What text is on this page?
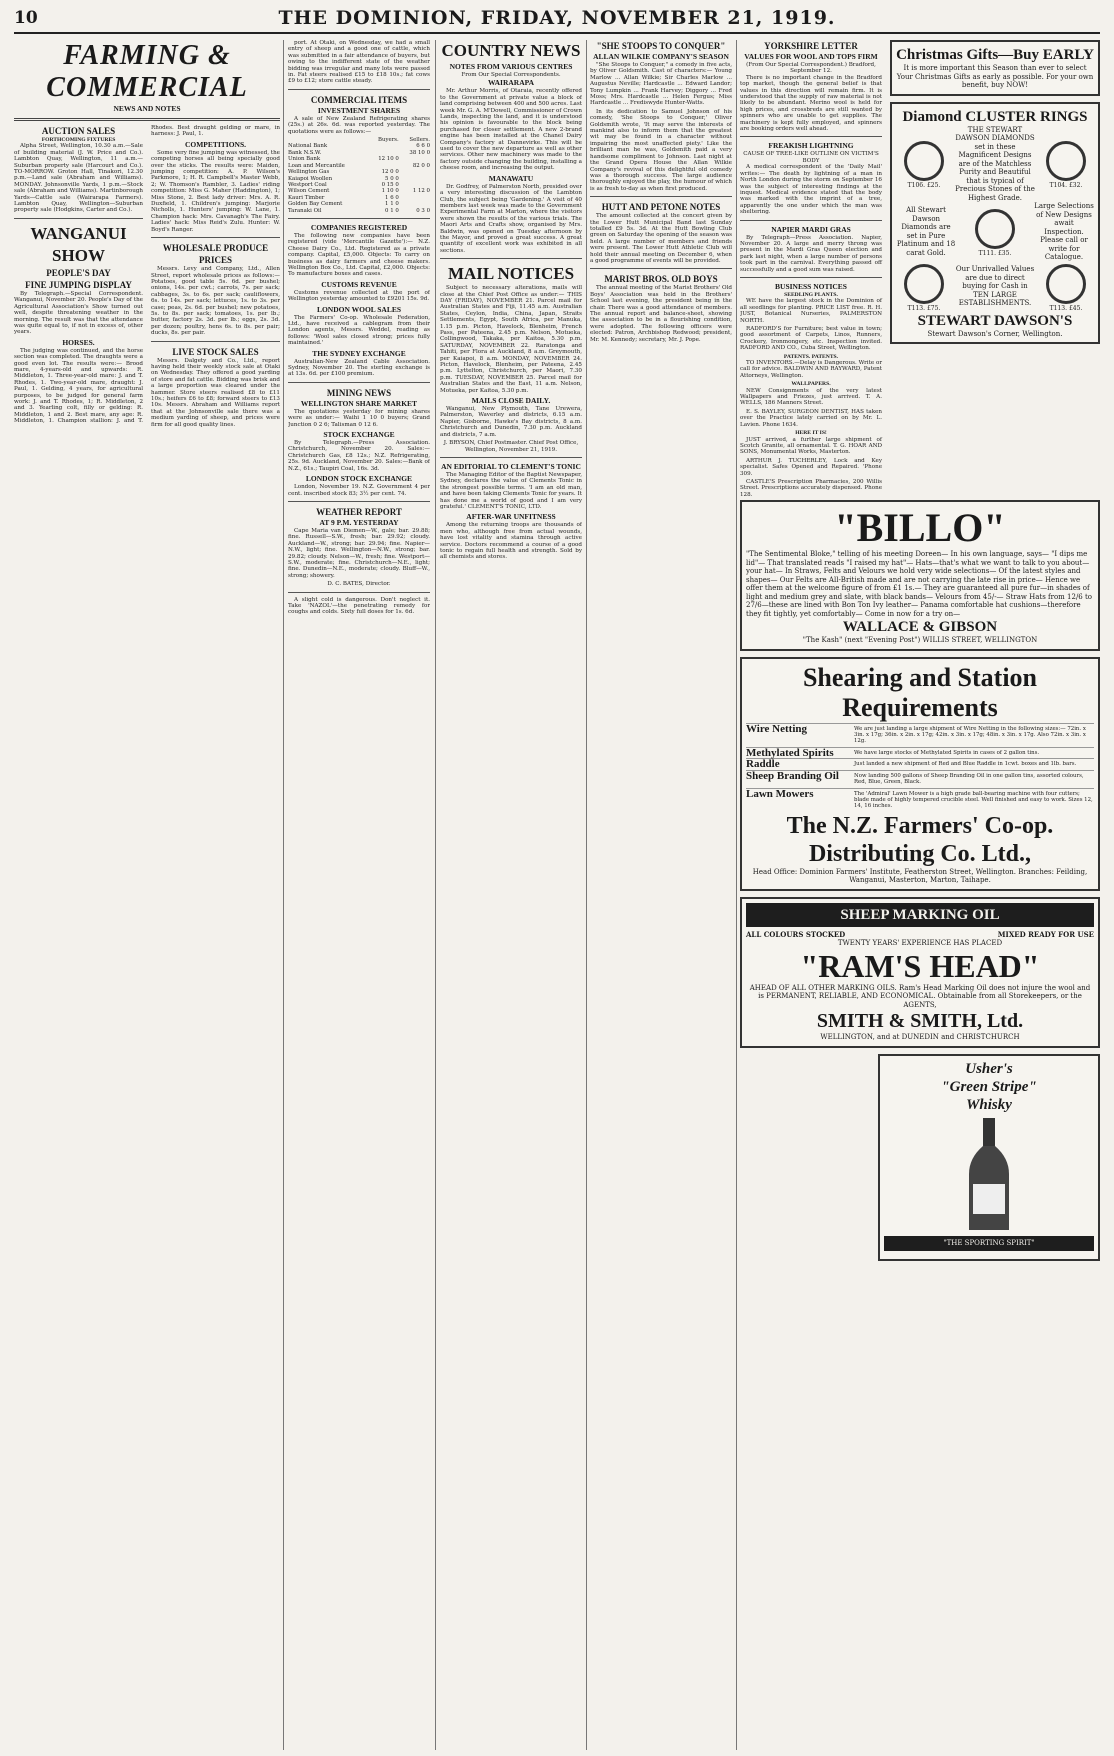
10	THE DOMINION, FRIDAY, NOVEMBER 21, 1919.
FARMING & COMMERCIAL
NEWS AND NOTES
AUCTION SALES
FORTHCOMING FIXTURES

Alpha Street, Wellington, 10.30 a.m.—Sale of building material (J. W. Price and Co.). Lambton Quay, Wellington, 11 a.m.—Suburban property sale (Harcourt and Co.). TO-MORROW. Groton Hall, Tinakori, 12.30 p.m.—Land sale (Abraham and Williams). MONDAY. Johnsonville Yards, 1 p.m.—Stock sale (Abraham and Williams). Martinborough Yards—Cattle sale (Wairarapa Farmers). Lambton Quay, Wellington—Suburban property sale (Hodgkins, Carter and Co.).

WANGANUI SHOW
PEOPLE'S DAY
FINE JUMPING DISPLAY

By Telegraph.—Special Correspondent. Wanganui, November 20. People's Day of the Agricultural Association's Show turned out well, despite threatening weather in the morning. The result was that the attendance was quite equal to, if not in excess of, other years.

HORSES.

The judging was continued, and the horse section was completed. The draughts were a good even lot. The results were:— Brood mare, 4-years-old and upwards: R. Middleton, 1. Three-year-old mare: J. and T. Rhodes, 1. Two-year-old mare, draught: J. Paul, 1. Gelding, 4 years, for agricultural purposes, to be judged for general farm work: J. and T. Rhodes, 1; R. Middleton, 2 and 3. Yearling colt, filly or gelding: R. Middleton, 1 and 2. Best mare, any age: R. Middleton, 1. Champion stallion: J. and T. Rhodes. Best draught gelding or mare, in harness: J. Paul, 1.

COMPETITIONS.

Some very fine jumping was witnessed, the competing horses all being specially good over the sticks. The results were: Maiden, jumping competition: A. P. Wilson's Parkmore, 1; H. R. Campbell's Master Webb, 2; W. Thomson's Rambler, 3. Ladies' riding competition: Miss G. Maher (Haddington), 1; Miss Stone, 2. Best lady driver: Mrs. A. R. Duxfield, 1. Children's jumping: Marjorie Nicholls, 1. Hunters' jumping: W. Lane, 1. Champion hack: Mrs. Cavanagh's The Fairy. Ladies' hack: Miss Reid's Zulu. Hunter: W. Boyd's Ranger.

WHOLESALE PRODUCE PRICES

Messrs. Levy and Company, Ltd., Allen Street, report wholesale prices as follows:— Potatoes, good table 5s. 6d. per bushel; onions, 14s. per cwt.; carrots, 7s. per sack; cabbages, 3s. to 6s. per sack; cauliflowers, 6s. to 14s. per sack; lettuces, 1s. to 3s. per case; peas, 2s. 6d. per bushel; new potatoes, 5s. to 8s. per sack; tomatoes, 1s. per lb.; butter, factory 2s. 3d. per lb.; eggs, 2s. 3d. per dozen; poultry, hens 6s. to 8s. per pair; ducks, 8s. per pair.

LIVE STOCK SALES

Messrs. Dalgety and Co., Ltd., report having held their weekly stock sale at Otaki on Wednesday. They offered a good yarding of store and fat cattle. Bidding was brisk and a large proportion was cleared under the hammer. Store steers realised £8 to £11 10s.; heifers £6 to £8; forward steers to £13 10s. Messrs. Abraham and Williams report that at the Johnsonville sale there was a medium yarding of sheep, and prices were firm for all good quality lines.

port. At Otaki, on Wednesday, we had a small entry of sheep and a good one of cattle, which was submitted in a fair attendance of buyers, but owing to the indifferent state of the weather bidding was irregular and many lots were passed in. Fat steers realised £15 to £18 10s.; fat cows £9 to £12; store cattle steady.

COMMERCIAL ITEMS
INVESTMENT SHARES

A sale of New Zealand Refrigerating shares (25s.) at 26s. 6d. was reported yesterday. The quotations were as follows:—

	Buyers.	Sellers.
National Bank		6 6 0
Bank N.S.W.		38 10 0
Union Bank	12 10 0	
Loan and Mercantile		82 0 0
Wellington Gas	12 0 0	
Kaiapoi Woollen	5 0 0	
Westport Coal	0 15 0	
Wilson Cement	1 10 0	1 12 0
Kauri Timber	1 6 0	
Golden Bay Cement	1 1 0	
Taranaki Oil	0 1 0	0 3 0
COMPANIES REGISTERED

The following new companies have been registered (vide 'Mercantile Gazette'):— N.Z. Cheese Dairy Co., Ltd. Registered as a private company. Capital, £5,000. Objects: To carry on business as dairy farmers and cheese makers. Wellington Box Co., Ltd. Capital, £2,000. Objects: To manufacture boxes and cases.

CUSTOMS REVENUE

Customs revenue collected at the port of Wellington yesterday amounted to £9201 15s. 9d.

LONDON WOOL SALES

The Farmers' Co-op. Wholesale Federation, Ltd., have received a cablegram from their London agents, Messrs. Weddel, reading as follows: 'Wool sales closed strong; prices fully maintained.'

THE SYDNEY EXCHANGE

Australian-New Zealand Cable Association. Sydney, November 20. The sterling exchange is at 13s. 6d. per £100 premium.

MINING NEWS
WELLINGTON SHARE MARKET

The quotations yesterday for mining shares were as under:— Waihi 1 10 0 buyers; Grand Junction 0 2 6; Talisman 0 12 6.

STOCK EXCHANGE

By Telegraph.—Press Association. Christchurch, November 20. Sales:—Christchurch Gas, £8 12s.; N.Z. Refrigerating, 25s. 9d. Auckland, November 20. Sales:—Bank of N.Z., 61s.; Taupiri Coal, 16s. 3d.

LONDON STOCK EXCHANGE

London, November 19. N.Z. Government 4 per cent. inscribed stock 83; 3½ per cent. 74.

WEATHER REPORT
AT 9 P.M. YESTERDAY

Cape Maria van Diemen—W., gale; bar. 29.88; fine. Russell—S.W., fresh; bar. 29.92; cloudy. Auckland—W., strong; bar. 29.94; fine. Napier—N.W., light; fine. Wellington—N.W., strong; bar. 29.82; cloudy. Nelson—W., fresh; fine. Westport—S.W., moderate; fine. Christchurch—N.E., light; fine. Dunedin—N.E., moderate; cloudy. Bluff—W., strong; showery.

D. C. BATES, Director.

A slight cold is dangerous. Don't neglect it. Take 'NAZOL'—the penetrating remedy for coughs and colds. Sixty full doses for 1s. 6d.

COUNTRY NEWS
NOTES FROM VARIOUS CENTRES
From Our Special Correspondents.
WAIRARAPA

Mr. Arthur Morris, of Otaraia, recently offered to the Government at private value a block of land comprising between 400 and 500 acres. Last week Mr. G. A. M'Dowell, Commissioner of Crown Lands, inspecting the land, and it is understood his opinion is favourable to the block being purchased for closer settlement. A new 2-brand engine has been installed at the Chanel Dairy Company's factory at Dannevirke. This will be used to cover the new departure as well as other services. Other new machinery was made to the factory outside changing the building, installing a cheese room, and increasing the output.

MANAWATU

Dr. Godfrey, of Palmerston North, presided over a very interesting discussion of the Lambton Club, the subject being 'Gardening.' A visit of 40 members last week was made to the Government Experimental Farm at Marton, where the visitors were shown the results of the various trials. The Maori Arts and Crafts show, organised by Mrs. Baldwin, was opened on Tuesday afternoon by the Mayor, and proved a great success. A great quantity of excellent work was exhibited in all sections.

MAIL NOTICES

Subject to necessary alterations, mails will close at the Chief Post Office as under:— THIS DAY (FRIDAY), NOVEMBER 21. Parcel mail for Australian States and Fiji, 11.45 a.m. Australian States, Ceylon, India, China, Japan, Straits Settlements, Egypt, South Africa, per Manuka, 1.15 p.m. Picton, Havelock, Blenheim, French Pass, per Pateena, 2.45 p.m. Nelson, Motueka, Collingwood, Takaka, per Kaitoa, 5.30 p.m. SATURDAY, NOVEMBER 22. Raratonga and Tahiti, per Flora at Auckland, 8 a.m. Greymouth, per Kaiapoi, 8 a.m. MONDAY, NOVEMBER 24. Picton, Havelock, Blenheim, per Pateena, 2.45 p.m. Lyttelton, Christchurch, per Maori, 7.30 p.m. TUESDAY, NOVEMBER 25. Parcel mail for Australian States and the East, 11 a.m. Nelson, Motueka, per Kaitoa, 5.30 p.m.

MAILS CLOSE DAILY.

Wanganui, New Plymouth, Tane Urewera, Palmerston, Waverley and districts, 6.15 a.m. Napier, Gisborne, Hawke's Bay districts, 8 a.m. Christchurch and Dunedin, 7.30 p.m. Auckland and districts, 7 a.m.

J. BRYSON, Chief Postmaster. Chief Post Office, Wellington, November 21, 1919.
AN EDITORIAL TO CLEMENT'S TONIC

The Managing Editor of the Baptist Newspaper, Sydney, declares the value of Clements Tonic in the strongest possible terms. 'I am an old man, and have been taking Clements Tonic for years. It has done me a world of good and I am very grateful.' CLEMENT'S TONIC, LTD.

AFTER-WAR UNFITNESS

Among the returning troops are thousands of men who, although free from actual wounds, have lost vitality and stamina through active service. Doctors recommend a course of a good tonic to regain full health and strength. Sold by all chemists and stores.

"SHE STOOPS TO CONQUER"
ALLAN WILKIE COMPANY'S SEASON

"She Stoops to Conquer," a comedy in five acts, by Oliver Goldsmith. Cast of characters:— Young Marlow ... Allan Wilkie; Sir Charles Marlow ... Augustus Neville; Hardcastle ... Edward Landor; Tony Lumpkin ... Frank Harvey; Diggory ... Fred Moss; Mrs. Hardcastle ... Helen Fergus; Miss Hardcastle ... Frediswyde Hunter-Watts.

In its dedication to Samuel Johnson of his comedy, 'She Stoops to Conquer,' Oliver Goldsmith wrote, 'It may serve the interests of mankind also to inform them that the greatest wit may be found in a character without impairing the most unaffected piety.' Like the brilliant man he was, Goldsmith paid a very handsome compliment to Johnson. Last night at the Grand Opera House the Allan Wilkie Company's revival of this delightful old comedy was a thorough success. The large audience thoroughly enjoyed the play, the humour of which is as fresh to-day as when first produced.

HUTT AND PETONE NOTES

The amount collected at the concert given by the Lower Hutt Municipal Band last Sunday totalled £9 5s. 3d. At the Hutt Bowling Club green on Saturday the opening of the season was held. A large number of members and friends were present. The Lower Hutt Athletic Club will hold their annual meeting on December 6, when a good programme of events will be provided.

MARIST BROS. OLD BOYS

The annual meeting of the Marist Brothers' Old Boys' Association was held in the Brothers' School last evening, the president being in the chair. There was a good attendance of members. The annual report and balance-sheet, showing the association to be in a flourishing condition, were adopted. The following officers were elected: Patron, Archbishop Redwood; president, Mr. M. Kennedy; secretary, Mr. J. Pope.

YORKSHIRE LETTER
VALUES FOR WOOL AND TOPS FIRM
(From Our Special Correspondent.) Bradford, September 12.

There is no important change in the Bradford top market, though the general belief is that values in this direction will remain firm. It is understood that the supply of raw material is not likely to be abundant. Merino wool is held for high prices, and crossbreds are still wanted by spinners who are unable to get supplies. The machinery is kept fully employed, and spinners are booking orders well ahead.

FREAKISH LIGHTNING
CAUSE OF TREE-LIKE OUTLINE ON VICTIM'S BODY

A medical correspondent of the 'Daily Mail' writes:— The death by lightning of a man in North London during the storm on September 16 was the subject of interesting findings at the inquest. Medical evidence stated that the body was marked with the imprint of a tree, apparently the one under which the man was sheltering.

NAPIER MARDI GRAS

By Telegraph—Press Association. Napier, November 20. A large and merry throng was present in the Mardi Gras Queen election and park last night, when a large number of persons took part in the carnival. Everything passed off successfully and a good sum was raised.

BUSINESS NOTICES
SEEDLING PLANTS.

WE have the largest stock in the Dominion of all seedlings for planting. PRICE LIST free. R. H. JUST, Botanical Nurseries, PALMERSTON NORTH.

RADFORD'S for Furniture; best value in town; good assortment of Carpets, Linos, Runners, Crockery, Ironmongery, etc. Inspection invited. RADFORD AND CO., Cuba Street, Wellington.

PATENTS. PATENTS.

TO INVENTORS.—Delay is Dangerous. Write or call for advice. BALDWIN AND RAYWARD, Patent Attorneys, Wellington.

WALLPAPERS.

NEW Consignments of the very latest Wallpapers and Friezes, just arrived. T. A. WELLS, 186 Manners Street.

E. S. BAYLEY, SURGEON DENTIST, HAS taken over the Practice lately carried on by Mr. L. Lavien. Phone 1634.

HERE IT IS!

JUST arrived, a further large shipment of Scotch Granite, all ornamental. T. G. HOAR AND SONS, Monumental Works, Masterton.

ARTHUR J. TUCHERLEY, Lock and Key specialist. Safes Opened and Repaired. 'Phone 309.

CASTLE'S Prescription Pharmacies, 200 Willis Street. Prescriptions accurately dispensed. Phone 128.

Christmas Gifts—Buy EARLY
It is more important this Season than ever to select Your Christmas Gifts as early as possible. For your own benefit, buy NOW!
Diamond CLUSTER RINGS
T106. £25.
THE STEWART DAWSON DIAMONDS set in these Magnificent Designs are of the Matchless Purity and Beautiful that is typical of Precious Stones of the Highest Grade.
T104. £32.
All Stewart Dawson Diamonds are set in Pure Platinum and 18 carat Gold.	T111. £35.
Large Selections of New Designs await Inspection. Please call or write for Catalogue.
T113. £75.
Our Unrivalled Values are due to direct buying for Cash in TEN LARGE ESTABLISHMENTS.
T113. £45.
STEWART DAWSON'S
Stewart Dawson's Corner, Wellington.
"BILLO"
"The Sentimental Bloke," telling of his meeting Doreen— In his own language, says— "I dips me lid"— That translated reads "I raised my hat"— Hats—that's what we want to talk to you about—your hat— In Straws, Felts and Velours we hold very wide selections— Of the latest styles and shapes— Our Felts are All-British made and are not carrying the late rise in price— Hence we offer them at the welcome figure of from £1 1s.— They are guaranteed all pure fur—in shades of light and medium grey and slate, with black bands— Velours from 45/-— Straw Hats from 12/6 to 27/6—these are lined with Bon Ton Ivy leather— Panama comfortable hat cushions—therefore they fit tightly, yet comfortably— Come in now for a try on—
WALLACE & GIBSON
"The Kash" (next "Evening Post") WILLIS STREET, WELLINGTON
Shearing and Station Requirements
Wire Netting	We are just landing a large shipment of Wire Netting in the following sizes:— 72in. x 3in. x 17g; 36in. x 2in. x 17g; 42in. x 3in. x 17g; 48in. x 3in. x 17g. Also 72in. x 3in. x 12g.
Methylated Spirits	We have large stocks of Methylated Spirits in cases of 2 gallon tins.
Raddle	Just landed a new shipment of Red and Blue Raddle in 1cwt. boxes and 1lb. bars.
Sheep Branding Oil	Now landing 500 gallons of Sheep Branding Oil in one gallon tins, assorted colours, Red, Blue, Green, Black.
Lawn Mowers	The 'Admiral' Lawn Mower is a high grade ball-bearing machine with four cutters; blade made of highly tempered crucible steel. Well finished and easy to work. Sizes 12, 14, 16 inches.
The N.Z. Farmers' Co-op. Distributing Co. Ltd.,
Head Office: Dominion Farmers' Institute, Featherston Street, Wellington. Branches: Feilding, Wanganui, Masterton, Marton, Taihape.
SHEEP MARKING OIL
ALL COLOURS STOCKED	MIXED READY FOR USE
TWENTY YEARS' EXPERIENCE HAS PLACED
"RAM'S HEAD"
AHEAD OF ALL OTHER MARKING OILS. Ram's Head Marking Oil does not injure the wool and is PERMANENT, RELIABLE, AND ECONOMICAL. Obtainable from all Storekeepers, or the AGENTS,
SMITH & SMITH, Ltd.
WELLINGTON, and at DUNEDIN and CHRISTCHURCH
Usher's
"Green Stripe"
Whisky
"THE SPORTING SPIRIT"
